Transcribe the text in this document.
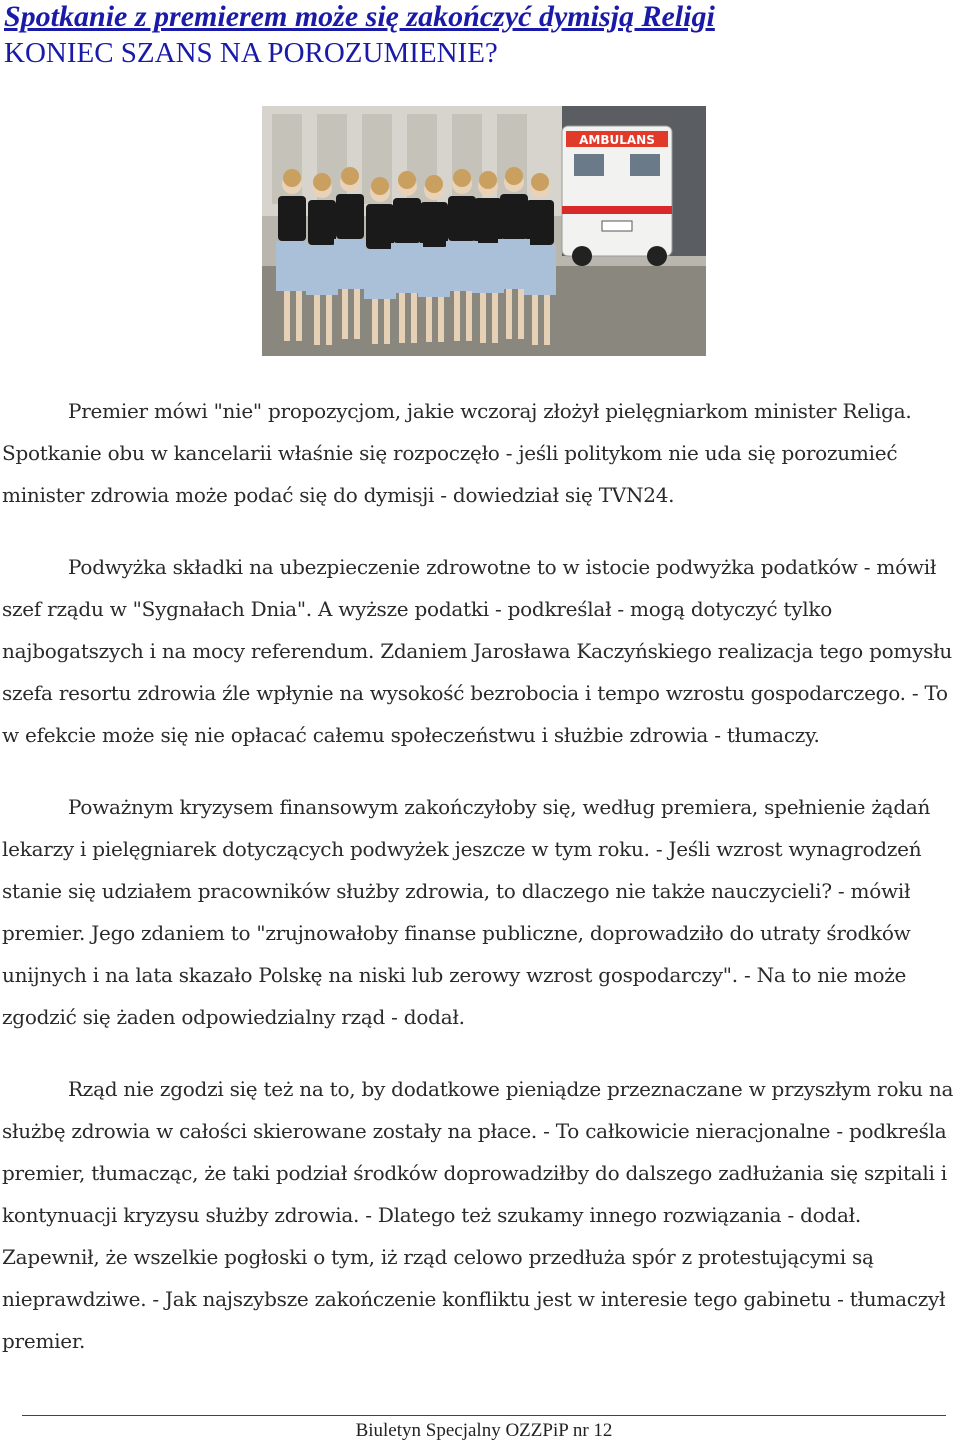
Spotkanie z premierem może się zakończyć dymisją Religi
KONIEC SZANS NA POROZUMIENIE?
AMBULANS

Premier mówi "nie" propozycjom, jakie wczoraj złożył pielęgniarkom minister Religa. Spotkanie obu w kancelarii właśnie się rozpoczęło - jeśli politykom nie uda się porozumieć minister zdrowia może podać się do dymisji - dowiedział się TVN24.

Podwyżka składki na ubezpieczenie zdrowotne to w istocie podwyżka podatków - mówił szef rządu w "Sygnałach Dnia". A wyższe podatki - podkreślał - mogą dotyczyć tylko najbogatszych i na mocy referendum. Zdaniem Jarosława Kaczyńskiego realizacja tego pomysłu szefa resortu zdrowia źle wpłynie na wysokość bezrobocia i tempo wzrostu gospodarczego. - To w efekcie może się nie opłacać całemu społeczeństwu i służbie zdrowia - tłumaczy.

Poważnym kryzysem finansowym zakończyłoby się, według premiera, spełnienie żądań lekarzy i pielęgniarek dotyczących podwyżek jeszcze w tym roku. - Jeśli wzrost wynagrodzeń stanie się udziałem pracowników służby zdrowia, to dlaczego nie także nauczycieli? - mówił premier. Jego zdaniem to "zrujnowałoby finanse publiczne, doprowadziło do utraty środków unijnych i na lata skazało Polskę na niski lub zerowy wzrost gospodarczy". - Na to nie może zgodzić się żaden odpowiedzialny rząd - dodał.

Rząd nie zgodzi się też na to, by dodatkowe pieniądze przeznaczane w przyszłym roku na służbę zdrowia w całości skierowane zostały na płace. - To całkowicie nieracjonalne - podkreśla premier, tłumacząc, że taki podział środków doprowadziłby do dalszego zadłużania się szpitali i kontynuacji kryzysu służby zdrowia. - Dlatego też szukamy innego rozwiązania - dodał. Zapewnił, że wszelkie pogłoski o tym, iż rząd celowo przedłuża spór z protestującymi są nieprawdziwe. - Jak najszybsze zakończenie konfliktu jest w interesie tego gabinetu - tłumaczył premier.

Biuletyn Specjalny OZZPiP nr 12
